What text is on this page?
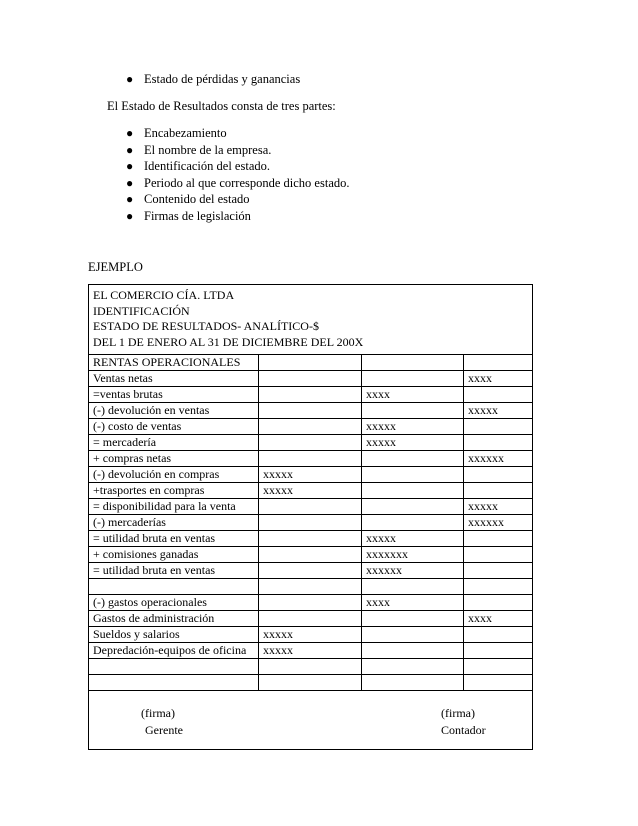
● Estado de pérdidas y ganancias
El Estado de Resultados consta de tres partes:
● Encabezamiento
● El nombre de la empresa.
● Identificación del estado.
● Periodo al que corresponde dicho estado.
● Contenido del estado
● Firmas de legislación
EJEMPLO
EL COMERCIO CÍA. LTDA
IDENTIFICACIÓN
ESTADO DE RESULTADOS- ANALÍTICO-$
DEL 1 DE ENERO AL 31 DE DICIEMBRE DEL 200X			

RENTAS OPERACIONALES			
Ventas netas			xxxx
=ventas brutas		xxxx	
(-) devolución en ventas			xxxxx
(-) costo de ventas		xxxxx	
= mercadería		xxxxx	
+ compras netas			xxxxxx
(-) devolución en compras	xxxxx		
+trasportes en compras	xxxxx		
= disponibilidad para la venta			xxxxx
(-) mercaderías			xxxxxx
= utilidad bruta en ventas		xxxxx	
+ comisiones ganadas		xxxxxxx	
= utilidad bruta en ventas		xxxxxx	

(-) gastos operacionales		xxxx	
Gastos de administración			xxxx
Sueldos y salarios	xxxxx		
Depredación-equipos de oficina	xxxxx		

(firma)
Gerente
(firma)
Contador			
